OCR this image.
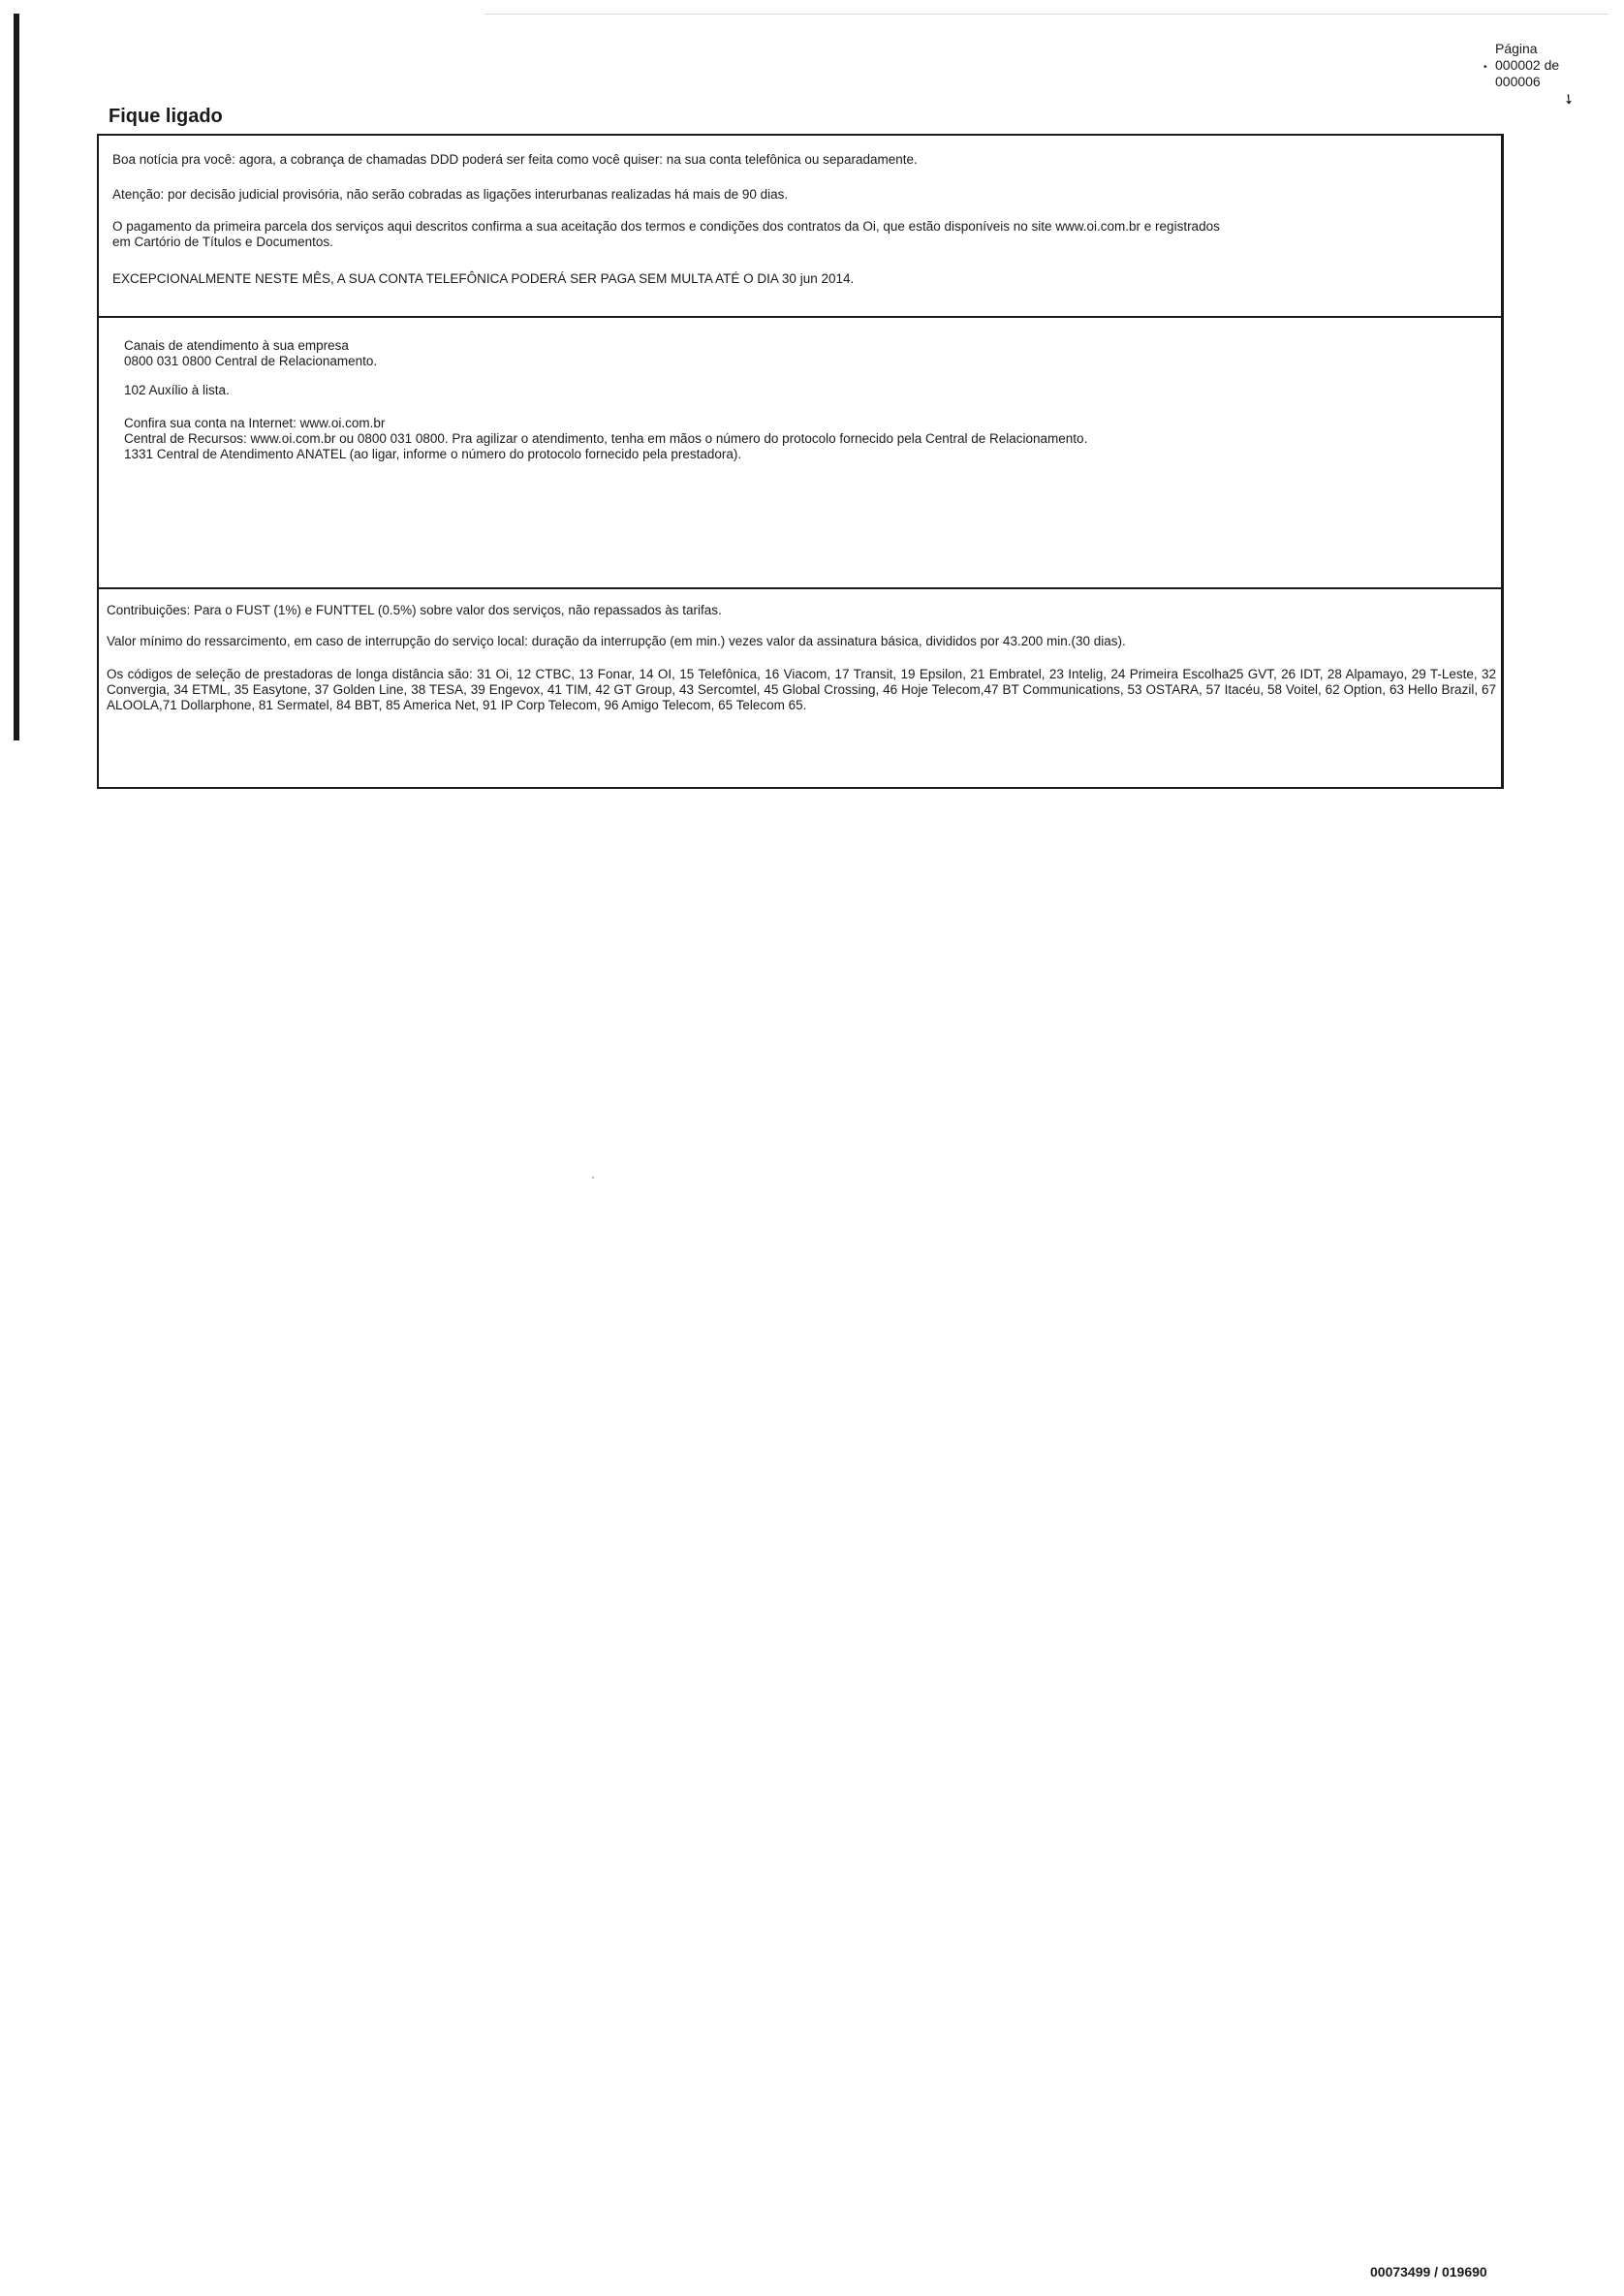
Página
• 000002 de
000006
➘
Fique ligado

Boa notícia pra você: agora, a cobrança de chamadas DDD poderá ser feita como você quiser: na sua conta telefônica ou separadamente.

Atenção: por decisão judicial provisória, não serão cobradas as ligações interurbanas realizadas há mais de 90 dias.

O pagamento da primeira parcela dos serviços aqui descritos confirma a sua aceitação dos termos e condições dos contratos da Oi, que estão disponíveis no site www.oi.com.br e registrados

em Cartório de Títulos e Documentos.

EXCEPCIONALMENTE NESTE MÊS, A SUA CONTA TELEFÔNICA PODERÁ SER PAGA SEM MULTA ATÉ O DIA 30 jun 2014.

Canais de atendimento à sua empresa

0800 031 0800 Central de Relacionamento.

102 Auxílio à lista.

Confira sua conta na Internet: www.oi.com.br

Central de Recursos: www.oi.com.br ou 0800 031 0800. Pra agilizar o atendimento, tenha em mãos o número do protocolo fornecido pela Central de Relacionamento.

1331 Central de Atendimento ANATEL (ao ligar, informe o número do protocolo fornecido pela prestadora).

Contribuições: Para o FUST (1%) e FUNTTEL (0.5%) sobre valor dos serviços, não repassados às tarifas.

Valor mínimo do ressarcimento, em caso de interrupção do serviço local: duração da interrupção (em min.) vezes valor da assinatura básica, divididos por 43.200 min.(30 dias).

Os códigos de seleção de prestadoras de longa distância são: 31 Oi, 12 CTBC, 13 Fonar, 14 OI, 15 Telefônica, 16 Viacom, 17 Transit, 19 Epsilon, 21 Embratel, 23 Intelig, 24 Primeira Escolha25 GVT, 26 IDT, 28 Alpamayo, 29 T-Leste, 32 Convergia, 34 ETML, 35 Easytone, 37 Golden Line, 38 TESA, 39 Engevox, 41 TIM, 42 GT Group, 43 Sercomtel, 45 Global Crossing, 46 Hoje Telecom,47 BT Communications, 53 OSTARA, 57 Itacéu, 58 Voitel, 62 Option, 63 Hello Brazil, 67 ALOOLA,71 Dollarphone, 81 Sermatel, 84 BBT, 85 America Net, 91 IP Corp Telecom, 96 Amigo Telecom, 65 Telecom 65.

00073499 / 019690
